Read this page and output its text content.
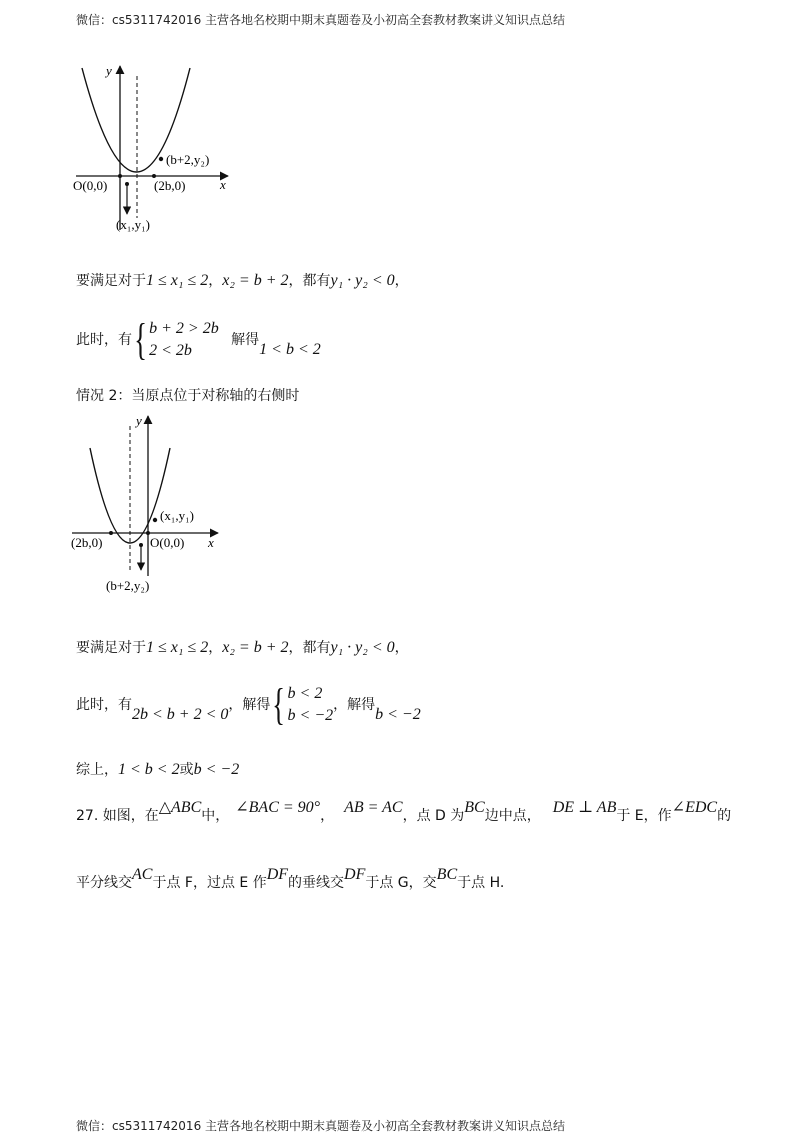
微信：cs5311742016 主营各地名校期中期末真题卷及小初高全套教材教案讲义知识点总结
y
x
O(0,0)	(2b,0)
(b+2,y₂)
(x₁,y₁)
要满足对于1 ≤ x₁ ≤ 2，x₂ = b + 2，都有y₁ · y₂ < 0，
此时，有{ b + 2 > 2b
2 < 2b 解得1 < b < 2
情况 2：当原点位于对称轴的右侧时
y
x
(2b,0)	O(0,0)
(x₁,y₁)
(b+2,y₂)
要满足对于1 ≤ x₁ ≤ 2，x₂ = b + 2，都有y₁ · y₂ < 0，
此时，有2b < b + 2 < 0，解得{ b < 2
b < −2，解得b < −2
综上，1 < b < 2或b < −2
27. 如图，在△ABC中， ∠BAC = 90°， AB = AC，点 D 为BC边中点， DE ⊥ AB于 E，作∠EDC的
平分线交AC于点 F，过点 E 作DF的垂线交DF于点 G，交BC于点 H.
微信：cs5311742016 主营各地名校期中期末真题卷及小初高全套教材教案讲义知识点总结
